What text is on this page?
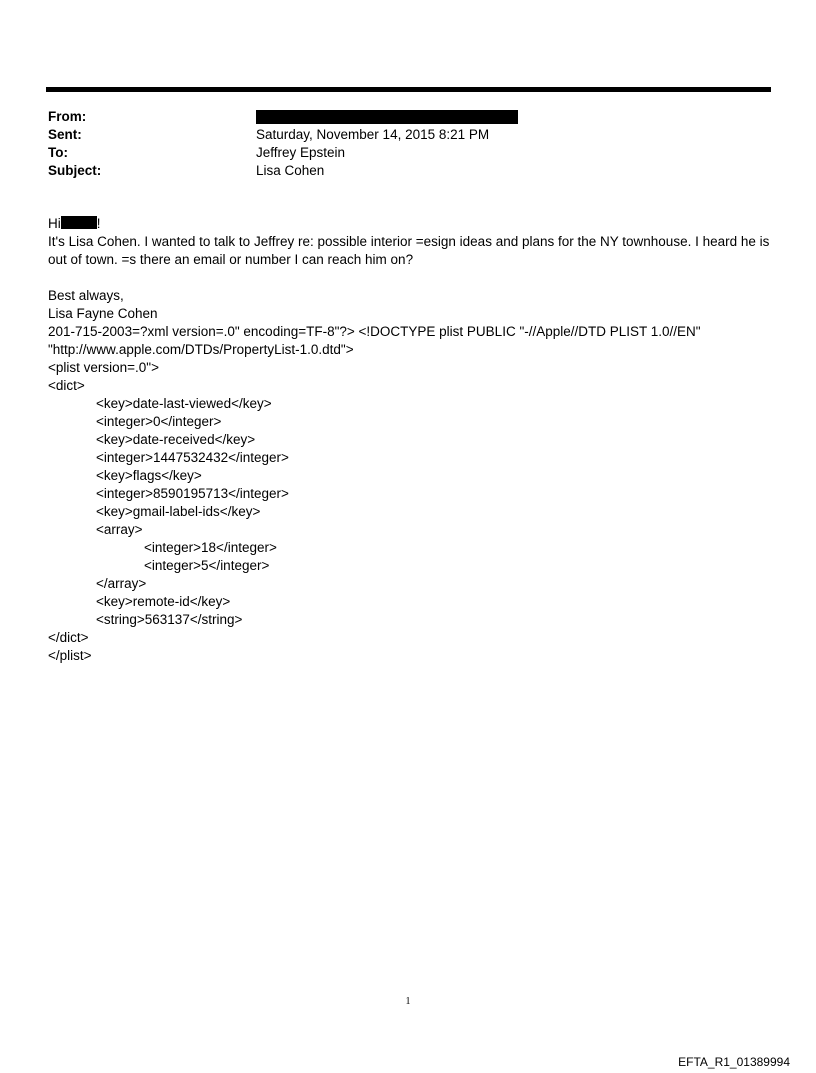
From:
Sent:	Saturday, November 14, 2015 8:21 PM
To:	Jeffrey Epstein
Subject:	Lisa Cohen
Hi	!
It's Lisa Cohen. I wanted to talk to Jeffrey re: possible interior =esign ideas and plans for the NY townhouse. I heard he is
out of town. =s there an email or number I can reach him on?
Best always,
Lisa Fayne Cohen
201-715-2003=?xml version=.0" encoding=TF-8"?> <!DOCTYPE plist PUBLIC "-//Apple//DTD PLIST 1.0//EN"
"http://www.apple.com/DTDs/PropertyList-1.0.dtd">
<plist version=.0">
<dict>
<key>date-last-viewed</key>
<integer>0</integer>
<key>date-received</key>
<integer>1447532432</integer>
<key>flags</key>
<integer>8590195713</integer>
<key>gmail-label-ids</key>
<array>
<integer>18</integer>
<integer>5</integer>
</array>
<key>remote-id</key>
<string>563137</string>
</dict>
</plist>
1
EFTA_R1_01389994
